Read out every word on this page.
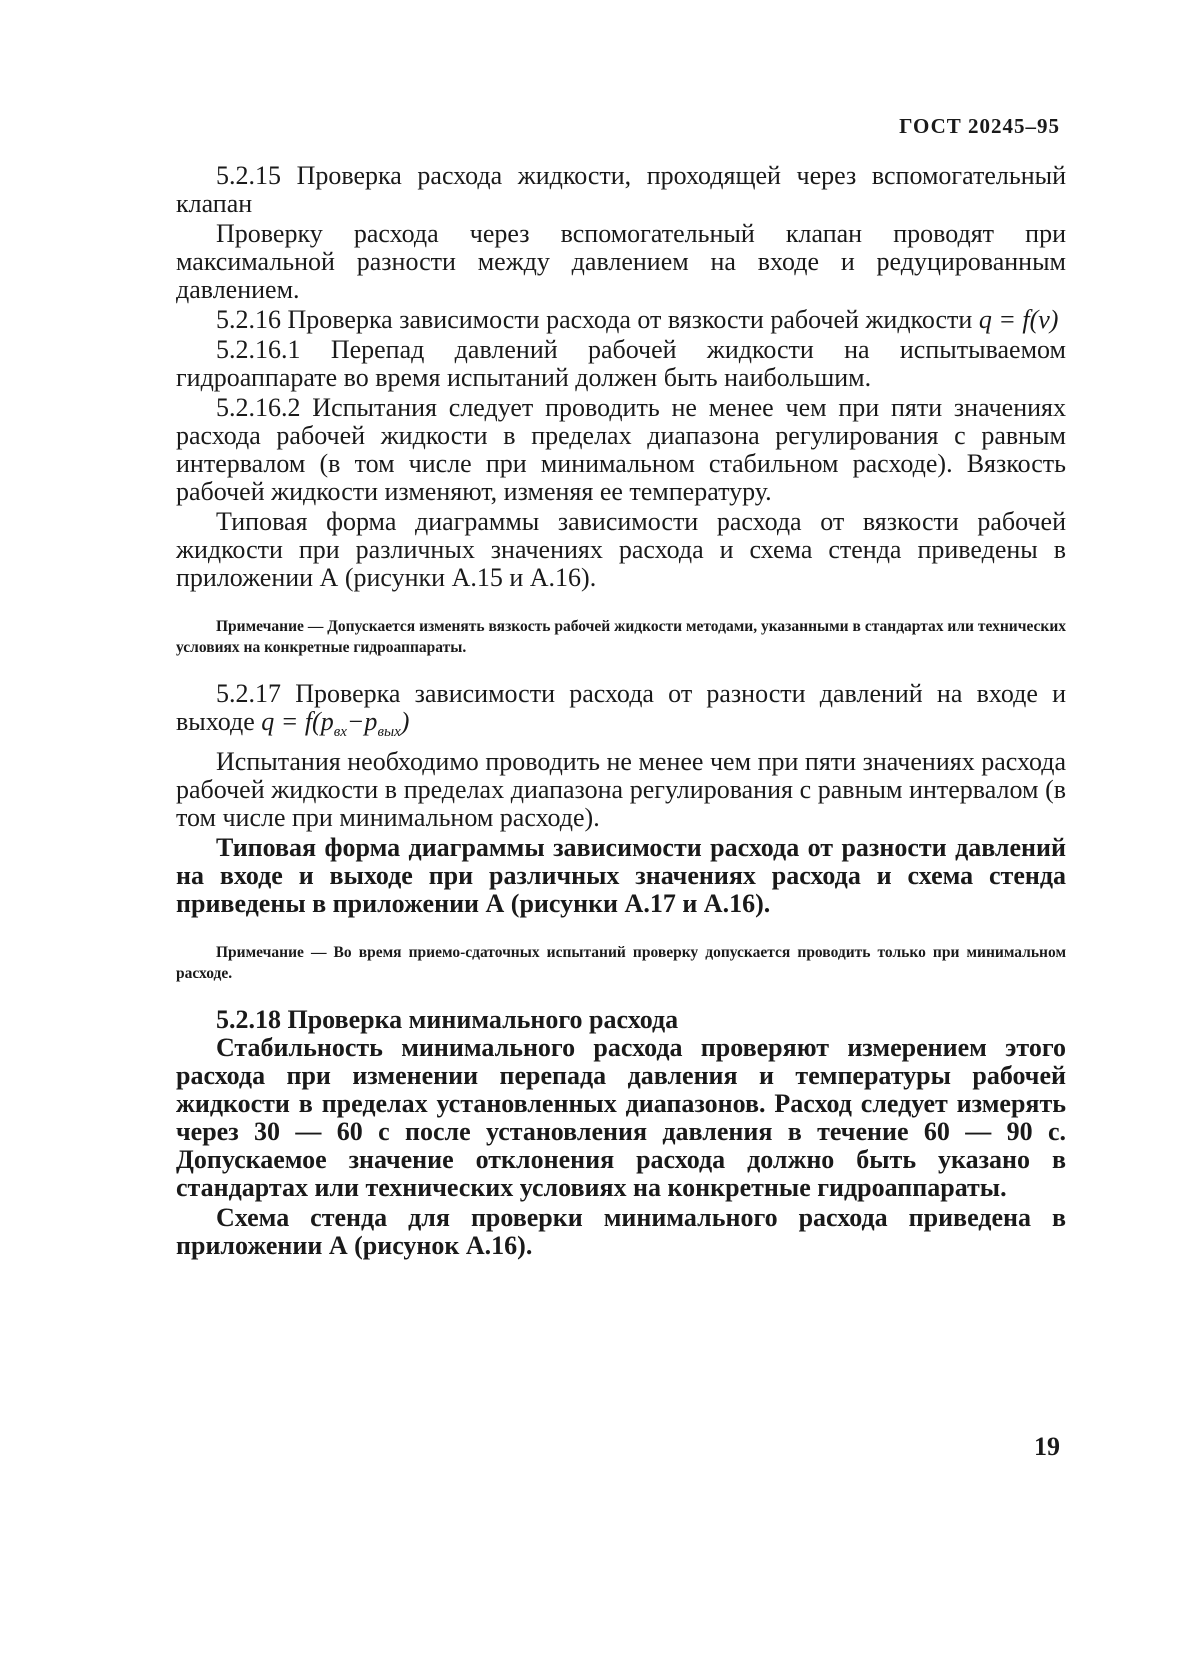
ГОСТ 20245–95

5.2.15 Проверка расхода жидкости, проходящей через вспомогательный клапан

Проверку расхода через вспомогательный клапан проводят при максимальной разности между давлением на входе и редуцированным давлением.

5.2.16 Проверка зависимости расхода от вязкости рабочей жидкости q = f(ν)

5.2.16.1 Перепад давлений рабочей жидкости на испытываемом гидроаппарате во время испытаний должен быть наибольшим.

5.2.16.2 Испытания следует проводить не менее чем при пяти значениях расхода рабочей жидкости в пределах диапазона регулирования с равным интервалом (в том числе при минимальном стабильном расходе). Вязкость рабочей жидкости изменяют, изменяя ее температуру.

Типовая форма диаграммы зависимости расхода от вязкости рабочей жидкости при различных значениях расхода и схема стенда приведены в приложении А (рисунки А.15 и А.16).

Примечание — Допускается изменять вязкость рабочей жидкости методами, указанными в стандартах или технических условиях на конкретные гидроаппараты.

5.2.17 Проверка зависимости расхода от разности давлений на входе и выходе $q = f(p_{вх}-p_{вых})$

Испытания необходимо проводить не менее чем при пяти значениях расхода рабочей жидкости в пределах диапазона регулирования с равным интервалом (в том числе при минимальном расходе).

Типовая форма диаграммы зависимости расхода от разности давлений на входе и выходе при различных значениях расхода и схема стенда приведены в приложении А (рисунки А.17 и А.16).

Примечание — Во время приемо-сдаточных испытаний проверку допускается проводить только при минимальном расходе.

5.2.18 Проверка минимального расхода

Стабильность минимального расхода проверяют измерением этого расхода при изменении перепада давления и температуры рабочей жидкости в пределах установленных диапазонов. Расход следует измерять через 30 — 60 с после установления давления в течение 60 — 90 с. Допускаемое значение отклонения расхода должно быть указано в стандартах или технических условиях на конкретные гидроаппараты.

Схема стенда для проверки минимального расхода приведена в приложении А (рисунок А.16).

19
